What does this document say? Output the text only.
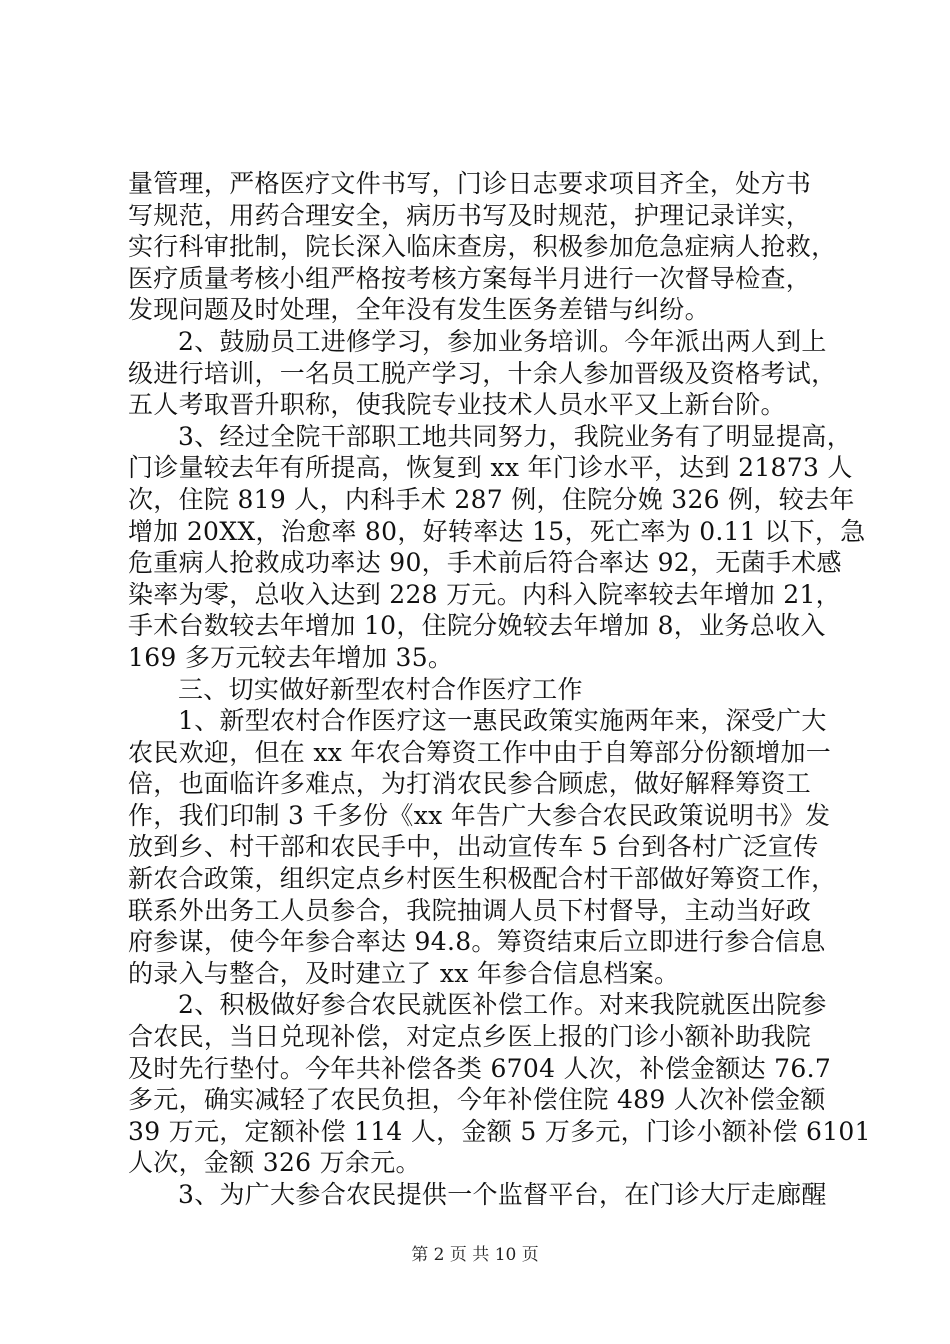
量管理，严格医疗文件书写，门诊日志要求项目齐全，处方书
写规范，用药合理安全，病历书写及时规范，护理记录详实，
实行科审批制，院长深入临床查房，积极参加危急症病人抢救，
医疗质量考核小组严格按考核方案每半月进行一次督导检查，
发现问题及时处理，全年没有发生医务差错与纠纷。
2、鼓励员工进修学习，参加业务培训。今年派出两人到上
级进行培训，一名员工脱产学习，十余人参加晋级及资格考试，
五人考取晋升职称，使我院专业技术人员水平又上新台阶。
3、经过全院干部职工地共同努力，我院业务有了明显提高，
门诊量较去年有所提高，恢复到 xx 年门诊水平，达到 21873 人
次，住院 819 人，内科手术 287 例，住院分娩 326 例，较去年
增加 20XX，治愈率 80，好转率达 15，死亡率为 0.11 以下，急
危重病人抢救成功率达 90，手术前后符合率达 92，无菌手术感
染率为零，总收入达到 228 万元。内科入院率较去年增加 21，
手术台数较去年增加 10，住院分娩较去年增加 8，业务总收入
169 多万元较去年增加 35。
三、切实做好新型农村合作医疗工作
1、新型农村合作医疗这一惠民政策实施两年来，深受广大
农民欢迎，但在 xx 年农合筹资工作中由于自筹部分份额增加一
倍，也面临许多难点，为打消农民参合顾虑，做好解释筹资工
作，我们印制 3 千多份《xx 年告广大参合农民政策说明书》发
放到乡、村干部和农民手中，出动宣传车 5 台到各村广泛宣传
新农合政策，组织定点乡村医生积极配合村干部做好筹资工作，
联系外出务工人员参合，我院抽调人员下村督导，主动当好政
府参谋，使今年参合率达 94.8。筹资结束后立即进行参合信息
的录入与整合，及时建立了 xx 年参合信息档案。
2、积极做好参合农民就医补偿工作。对来我院就医出院参
合农民，当日兑现补偿，对定点乡医上报的门诊小额补助我院
及时先行垫付。今年共补偿各类 6704 人次，补偿金额达 76.7
多元，确实减轻了农民负担，今年补偿住院 489 人次补偿金额
39 万元，定额补偿 114 人，金额 5 万多元，门诊小额补偿 6101
人次，金额 326 万余元。
3、为广大参合农民提供一个监督平台，在门诊大厅走廊醒
第 2 页 共 10 页
